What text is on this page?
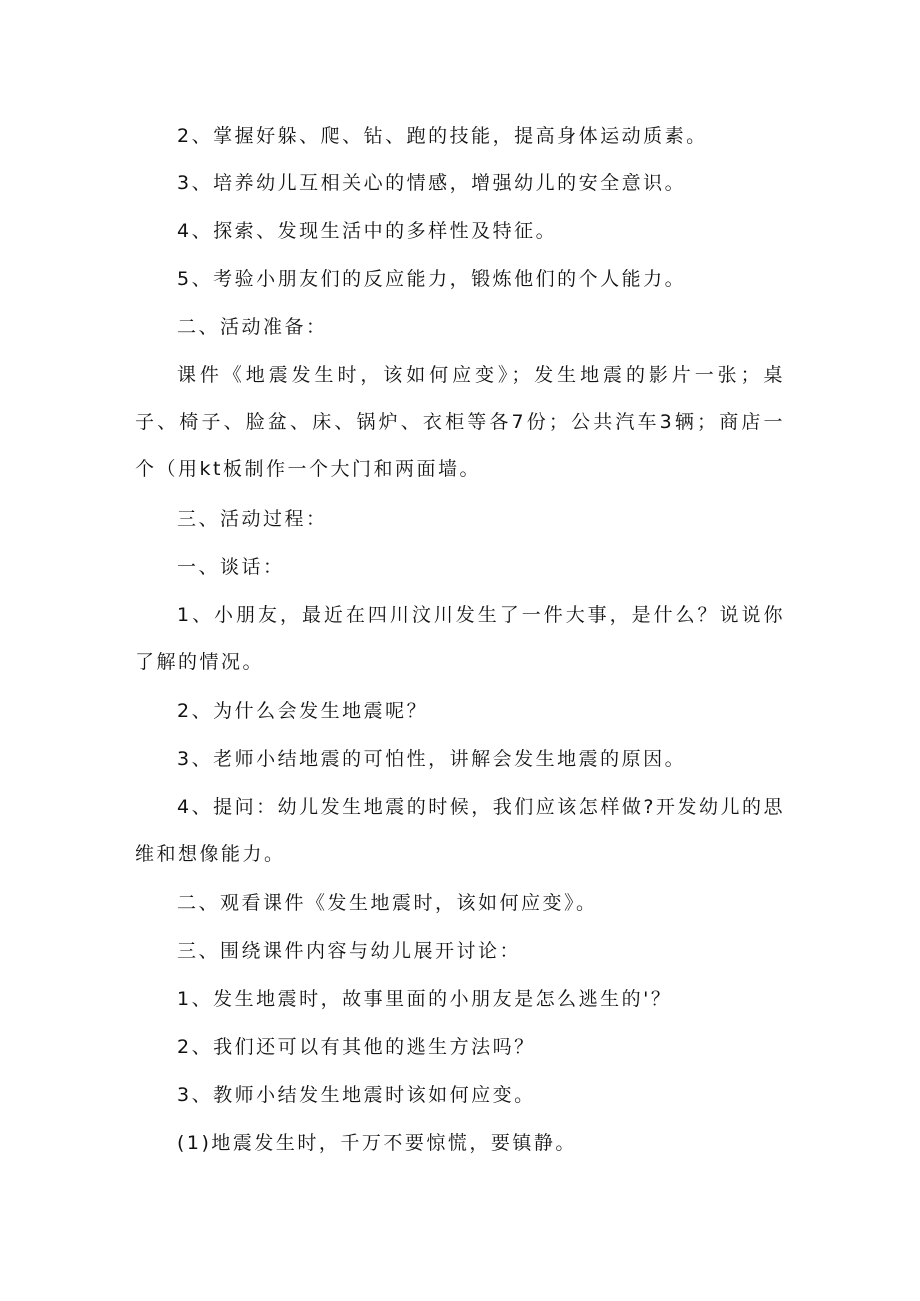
2、掌握好躲、爬、钻、跑的技能，提高身体运动质素。

3、培养幼儿互相关心的情感，增强幼儿的安全意识。

4、探索、发现生活中的多样性及特征。

5、考验小朋友们的反应能力，锻炼他们的个人能力。

二、活动准备：

课件《地震发生时，该如何应变》；发生地震的影片一张；桌子、椅子、脸盆、床、锅炉、衣柜等各7份；公共汽车3辆；商店一个（用kt板制作一个大门和两面墙。

三、活动过程：

一、谈话：

1、小朋友，最近在四川汶川发生了一件大事，是什么？说说你了解的情况。

2、为什么会发生地震呢？

3、老师小结地震的可怕性，讲解会发生地震的原因。

4、提问：幼儿发生地震的时候，我们应该怎样做?开发幼儿的思维和想像能力。

二、观看课件《发生地震时，该如何应变》。

三、围绕课件内容与幼儿展开讨论：

1、发生地震时，故事里面的小朋友是怎么逃生的'？

2、我们还可以有其他的逃生方法吗？

3、教师小结发生地震时该如何应变。

(1)地震发生时，千万不要惊慌，要镇静。
